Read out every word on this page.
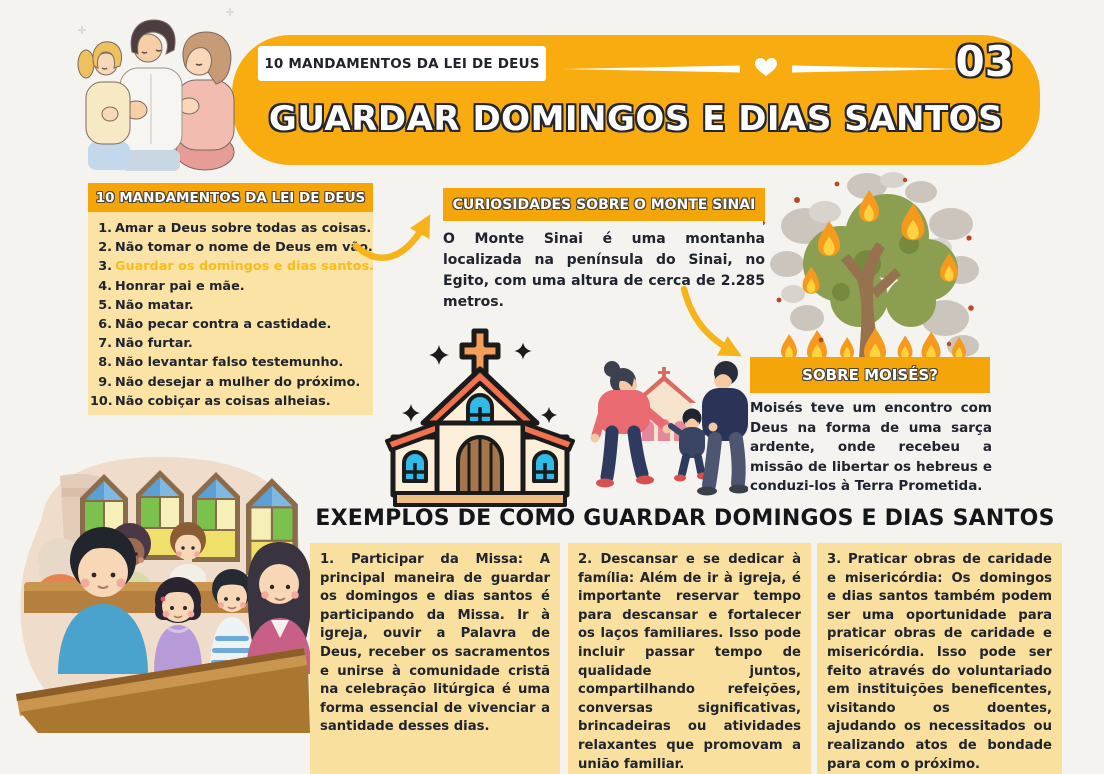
10 MANDAMENTOS DA LEI DE DEUS	03
GUARDAR DOMINGOS E DIAS SANTOS
10 MANDAMENTOS DA LEI DE DEUS
1. Amar a Deus sobre todas as coisas.
2. Não tomar o nome de Deus em vão.
3. Guardar os domingos e dias santos.
4. Honrar pai e mãe.
5. Não matar.
6. Não pecar contra a castidade.
7. Não furtar.
8. Não levantar falso testemunho.
9. Não desejar a mulher do próximo.
10. Não cobiçar as coisas alheias.
CURIOSIDADES SOBRE O MONTE SINAI
O Monte Sinai é uma montanha localizada na península do Sinai, no Egito, com uma altura de cerca de 2.285 metros.
SOBRE MOISÉS?
Moisés teve um encontro com Deus na forma de uma sarça ardente, onde recebeu a missão de libertar os hebreus e conduzi-los à Terra Prometida.
EXEMPLOS DE COMO GUARDAR DOMINGOS E DIAS SANTOS
1. Participar da Missa: A principal maneira de guardar os domingos e dias santos é participando da Missa. Ir à igreja, ouvir a Palavra de Deus, receber os sacramentos e unirse à comunidade cristã na celebração litúrgica é uma forma essencial de vivenciar a santidade desses dias.
2. Descansar e se dedicar à família: Além de ir à igreja, é importante reservar tempo para descansar e fortalecer os laços familiares. Isso pode incluir passar tempo de qualidade juntos, compartilhando refeições, conversas significativas, brincadeiras ou atividades relaxantes que promovam a união familiar.
3. Praticar obras de caridade e misericórdia: Os domingos e dias santos também podem ser uma oportunidade para praticar obras de caridade e misericórdia. Isso pode ser feito através do voluntariado em instituições beneficentes, visitando os doentes, ajudando os necessitados ou realizando atos de bondade para com o próximo.
